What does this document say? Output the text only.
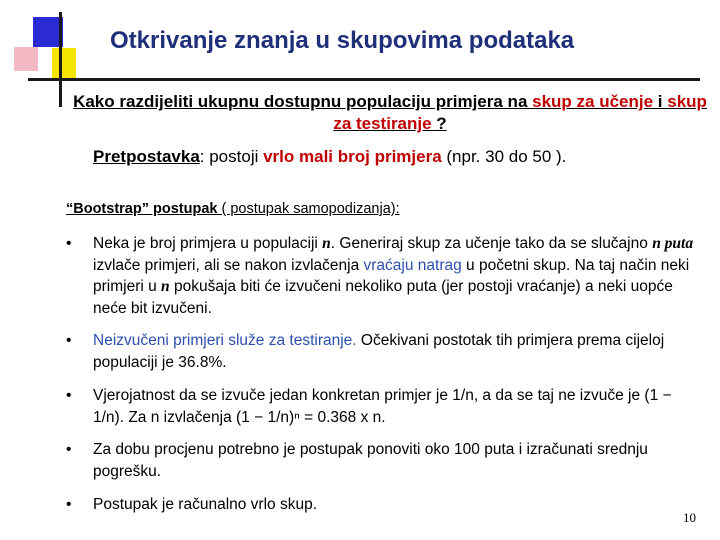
Otkrivanje znanja u skupovima podataka
Kako razdijeliti ukupnu dostupnu populaciju primjera na skup za učenje i skup za testiranje ?
Pretpostavka: postoji vrlo mali broj primjera (npr. 30 do 50 ).
“Bootstrap” postupak ( postupak samopodizanja):
•	Neka je broj primjera u populaciji n. Generiraj skup za učenje tako da se slučajno n puta izvlače primjeri, ali se nakon izvlačenja vraćaju natrag u početni skup. Na taj način neki primjeri u n pokušaja biti će izvučeni nekoliko puta (jer postoji vraćanje) a neki uopće neće bit izvučeni.
•	Neizvučeni primjeri služe za testiranje. Očekivani postotak tih primjera prema cijeloj populaciji je 36.8%.
•	Vjerojatnost da se izvuče jedan konkretan primjer je 1/n, a da se taj ne izvuče je (1 − 1/n). Za n izvlačenja (1 − 1/n)ⁿ = 0.368 x n.
•	Za dobu procjenu potrebno je postupak ponoviti oko 100 puta i izračunati srednju pogrešku.
•	Postupak je računalno vrlo skup.
10
